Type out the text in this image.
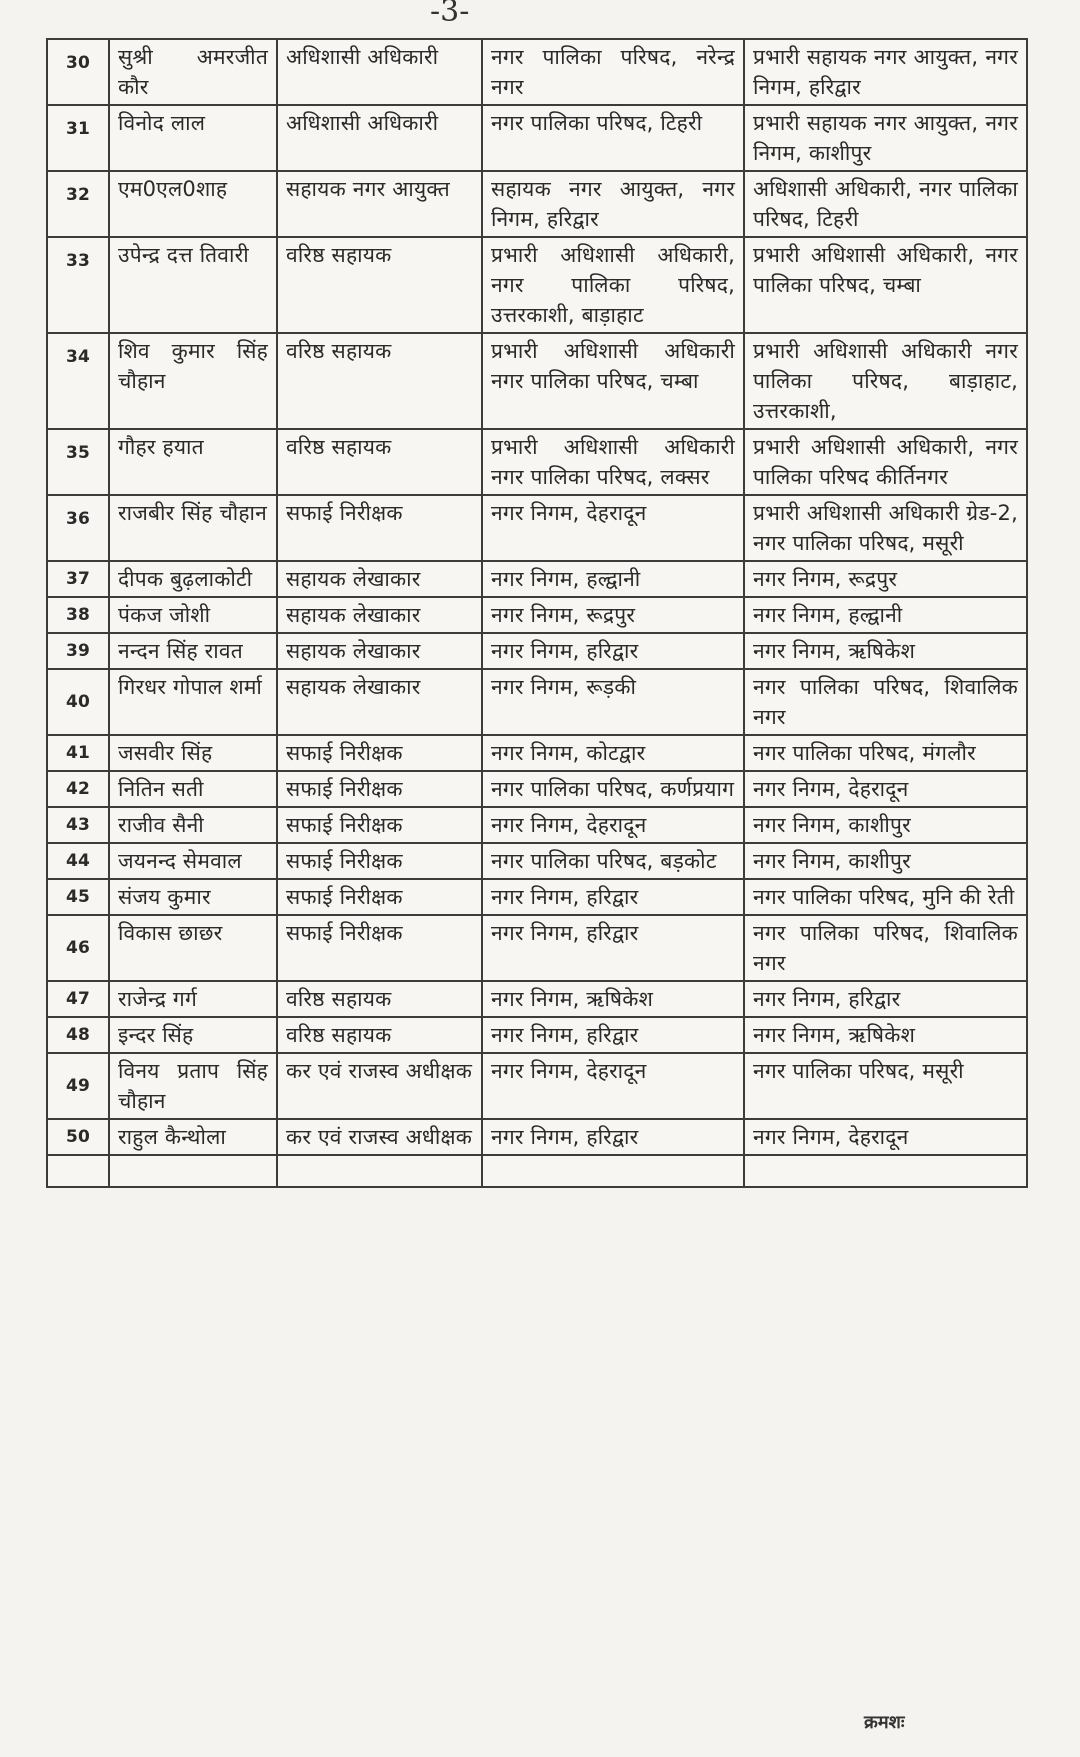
-3-
30	सुश्री अमरजीत कौर	अधिशासी अधिकारी	नगर पालिका परिषद, नरेन्द्र नगर	प्रभारी सहायक नगर आयुक्त, नगर निगम, हरिद्वार
31	विनोद लाल	अधिशासी अधिकारी	नगर पालिका परिषद, टिहरी	प्रभारी सहायक नगर आयुक्त, नगर निगम, काशीपुर
32	एम0एल0शाह	सहायक नगर आयुक्त	सहायक नगर आयुक्त, नगर निगम, हरिद्वार	अधिशासी अधिकारी, नगर पालिका परिषद, टिहरी
33	उपेन्द्र दत्त तिवारी	वरिष्ठ सहायक	प्रभारी अधिशासी अधिकारी, नगर पालिका परिषद, उत्तरकाशी, बाड़ाहाट	प्रभारी अधिशासी अधिकारी, नगर पालिका परिषद, चम्बा
34	शिव कुमार सिंह चौहान	वरिष्ठ सहायक	प्रभारी अधिशासी अधिकारी नगर पालिका परिषद, चम्बा	प्रभारी अधिशासी अधिकारी नगर पालिका परिषद, बाड़ाहाट, उत्तरकाशी,
35	गौहर हयात	वरिष्ठ सहायक	प्रभारी अधिशासी अधिकारी नगर पालिका परिषद, लक्सर	प्रभारी अधिशासी अधिकारी, नगर पालिका परिषद कीर्तिनगर
36	राजबीर सिंह चौहान	सफाई निरीक्षक	नगर निगम, देहरादून	प्रभारी अधिशासी अधिकारी ग्रेड-2, नगर पालिका परिषद, मसूरी
37	दीपक बुढ़लाकोटी	सहायक लेखाकार	नगर निगम, हल्द्वानी	नगर निगम, रूद्रपुर
38	पंकज जोशी	सहायक लेखाकार	नगर निगम, रूद्रपुर	नगर निगम, हल्द्वानी
39	नन्दन सिंह रावत	सहायक लेखाकार	नगर निगम, हरिद्वार	नगर निगम, ऋषिकेश
40	गिरधर गोपाल शर्मा	सहायक लेखाकार	नगर निगम, रूड़की	नगर पालिका परिषद, शिवालिक नगर
41	जसवीर सिंह	सफाई निरीक्षक	नगर निगम, कोटद्वार	नगर पालिका परिषद, मंगलौर
42	नितिन सती	सफाई निरीक्षक	नगर पालिका परिषद, कर्णप्रयाग	नगर निगम, देहरादून
43	राजीव सैनी	सफाई निरीक्षक	नगर निगम, देहरादून	नगर निगम, काशीपुर
44	जयनन्द सेमवाल	सफाई निरीक्षक	नगर पालिका परिषद, बड़कोट	नगर निगम, काशीपुर
45	संजय कुमार	सफाई निरीक्षक	नगर निगम, हरिद्वार	नगर पालिका परिषद, मुनि की रेती
46	विकास छाछर	सफाई निरीक्षक	नगर निगम, हरिद्वार	नगर पालिका परिषद, शिवालिक नगर
47	राजेन्द्र गर्ग	वरिष्ठ सहायक	नगर निगम, ऋषिकेश	नगर निगम, हरिद्वार
48	इन्दर सिंह	वरिष्ठ सहायक	नगर निगम, हरिद्वार	नगर निगम, ऋषिकेश
49	विनय प्रताप सिंह चौहान	कर एवं राजस्व अधीक्षक	नगर निगम, देहरादून	नगर पालिका परिषद, मसूरी
50	राहुल कैन्थोला	कर एवं राजस्व अधीक्षक	नगर निगम, हरिद्वार	नगर निगम, देहरादून

क्रमशः
